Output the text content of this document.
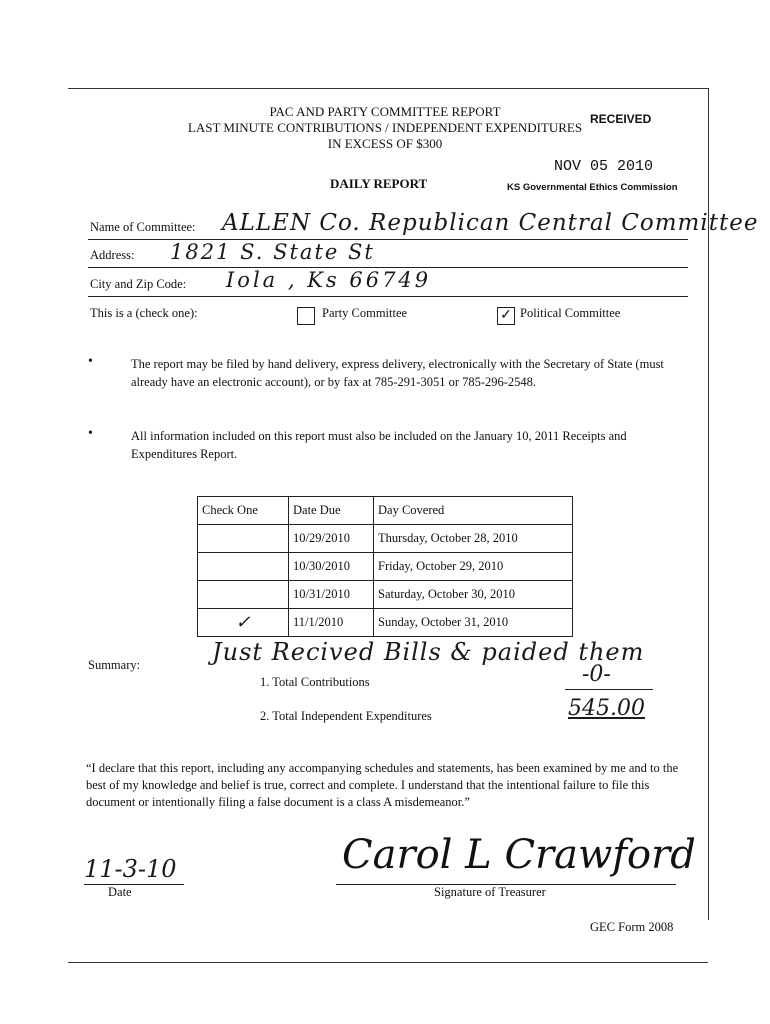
PAC AND PARTY COMMITTEE REPORT
LAST MINUTE CONTRIBUTIONS / INDEPENDENT EXPENDITURES
IN EXCESS OF $300
DAILY REPORT
RECEIVED
NOV 05 2010
KS Governmental Ethics Commission
Name of Committee: ALLEN Co. Republican Central Committee
Address: 1821 S. State St
City and Zip Code: Iola , Ks 66749
This is a (check one):	Party Committee	✓ Political Committee
•	The report may be filed by hand delivery, express delivery, electronically with the Secretary of State (must already have an electronic account), or by fax at 785-291-3051 or 785-296-2548.
•	All information included on this report must also be included on the January 10, 2011 Receipts and Expenditures Report.
Check One	Date Due	Day Covered
	10/29/2010	Thursday, October 28, 2010
	10/30/2010	Friday, October 29, 2010
	10/31/2010	Saturday, October 30, 2010
✓	11/1/2010	Sunday, October 31, 2010
Just Recived Bills & paided them
Summary:
1. Total Contributions	-0-
2. Total Independent Expenditures	545.00
“I declare that this report, including any accompanying schedules and statements, has been examined by me and to the best of my knowledge and belief is true, correct and complete. I understand that the intentional failure to file this document or intentionally filing a false document is a class A misdemeanor.”
11-3-10
Date
Carol L Crawford
Signature of Treasurer
GEC Form 2008
